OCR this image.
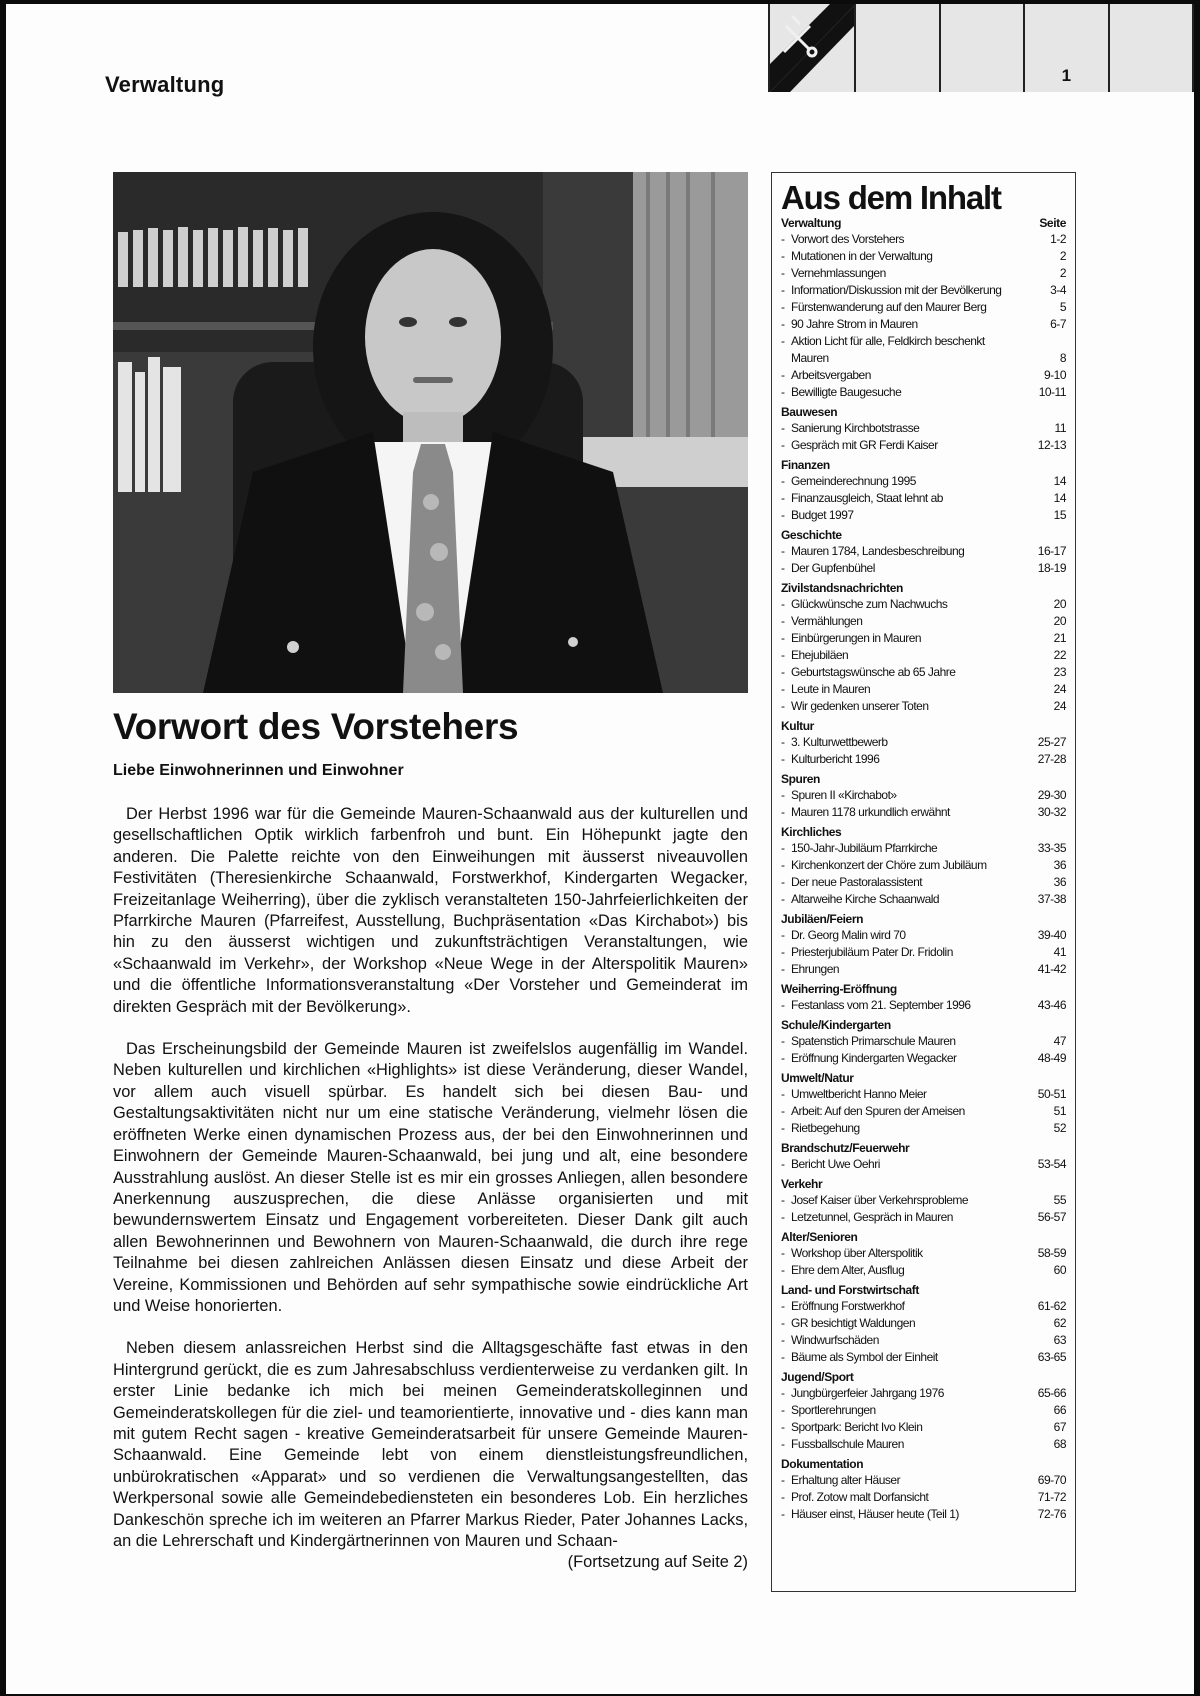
Verwaltung	1
Vorwort des Vorstehers
Liebe Einwohnerinnen und Einwohner

Der Herbst 1996 war für die Gemeinde Mauren-Schaanwald aus der kulturellen und gesellschaftlichen Optik wirklich farbenfroh und bunt. Ein Höhepunkt jagte den anderen. Die Palette reichte von den Einweihungen mit äusserst niveauvollen Festivitäten (Theresienkirche Schaanwald, Forstwerkhof, Kindergarten Wegacker, Freizeitanlage Weiherring), über die zyklisch veranstalteten 150-Jahrfeierlichkeiten der Pfarrkirche Mauren (Pfarreifest, Ausstellung, Buchpräsentation «Das Kirchabot») bis hin zu den äusserst wichtigen und zukunftsträchtigen Veranstaltungen, wie «Schaanwald im Verkehr», der Workshop «Neue Wege in der Alterspolitik Mauren» und die öffentliche Informationsveranstaltung «Der Vorsteher und Gemeinderat im direkten Gespräch mit der Bevölkerung».

Das Erscheinungsbild der Gemeinde Mauren ist zweifelslos augenfällig im Wandel. Neben kulturellen und kirchlichen «Highlights» ist diese Veränderung, dieser Wandel, vor allem auch visuell spürbar. Es handelt sich bei diesen Bau- und Gestaltungsaktivitäten nicht nur um eine statische Veränderung, vielmehr lösen die eröffneten Werke einen dynamischen Prozess aus, der bei den Einwohnerinnen und Einwohnern der Gemeinde Mauren-Schaanwald, bei jung und alt, eine besondere Ausstrahlung auslöst. An dieser Stelle ist es mir ein grosses Anliegen, allen besondere Anerkennung auszusprechen, die diese Anlässe organisierten und mit bewundernswertem Einsatz und Engagement vorbereiteten. Dieser Dank gilt auch allen Bewohnerinnen und Bewohnern von Mauren-Schaanwald, die durch ihre rege Teilnahme bei diesen zahlreichen Anlässen diesen Einsatz und diese Arbeit der Vereine, Kommissionen und Behörden auf sehr sympathische sowie eindrückliche Art und Weise honorierten.

Neben diesem anlassreichen Herbst sind die Alltagsgeschäfte fast etwas in den Hintergrund gerückt, die es zum Jahresabschluss verdienterweise zu verdanken gilt. In erster Linie bedanke ich mich bei meinen Gemeinderatskolleginnen und Gemeinderatskollegen für die ziel- und teamorientierte, innovative und - dies kann man mit gutem Recht sagen - kreative Gemeinderatsarbeit für unsere Gemeinde Mauren-Schaanwald. Eine Gemeinde lebt von einem dienstleistungsfreundlichen, unbürokratischen «Apparat» und so verdienen die Verwaltungsangestellten, das Werkpersonal sowie alle Gemeindebediensteten ein besonderes Lob. Ein herzliches Dankeschön spreche ich im weiteren an Pfarrer Markus Rieder, Pater Johannes Lacks, an die Lehrerschaft und Kindergärtnerinnen von Mauren und Schaan-

(Fortsetzung auf Seite 2)

Aus dem Inhalt
Verwaltung	Seite
- Vorwort des Vorstehers	1-2
- Mutationen in der Verwaltung	2
- Vernehmlassungen	2
- Information/Diskussion mit der Bevölkerung	3-4
- Fürstenwanderung auf den Maurer Berg	5
- 90 Jahre Strom in Mauren	6-7
- Aktion Licht für alle, Feldkirch beschenkt Mauren	8
- Arbeitsvergaben	9-10
- Bewilligte Baugesuche	10-11
Bauwesen
- Sanierung Kirchbotstrasse	11
- Gespräch mit GR Ferdi Kaiser	12-13
Finanzen
- Gemeinderechnung 1995	14
- Finanzausgleich, Staat lehnt ab	14
- Budget 1997	15
Geschichte
- Mauren 1784, Landesbeschreibung	16-17
- Der Gupfenbühel	18-19
Zivilstandsnachrichten
- Glückwünsche zum Nachwuchs	20
- Vermählungen	20
- Einbürgerungen in Mauren	21
- Ehejubiläen	22
- Geburtstagswünsche ab 65 Jahre	23
- Leute in Mauren	24
- Wir gedenken unserer Toten	24
Kultur
- 3. Kulturwettbewerb	25-27
- Kulturbericht 1996	27-28
Spuren
- Spuren II «Kirchabot»	29-30
- Mauren 1178 urkundlich erwähnt	30-32
Kirchliches
- 150-Jahr-Jubiläum Pfarrkirche	33-35
- Kirchenkonzert der Chöre zum Jubiläum	36
- Der neue Pastoralassistent	36
- Altarweihe Kirche Schaanwald	37-38
Jubiläen/Feiern
- Dr. Georg Malin wird 70	39-40
- Priesterjubiläum Pater Dr. Fridolin	41
- Ehrungen	41-42
Weiherring-Eröffnung
- Festanlass vom 21. September 1996	43-46
Schule/Kindergarten
- Spatenstich Primarschule Mauren	47
- Eröffnung Kindergarten Wegacker	48-49
Umwelt/Natur
- Umweltbericht Hanno Meier	50-51
- Arbeit: Auf den Spuren der Ameisen	51
- Rietbegehung	52
Brandschutz/Feuerwehr
- Bericht Uwe Oehri	53-54
Verkehr
- Josef Kaiser über Verkehrsprobleme	55
- Letzetunnel, Gespräch in Mauren	56-57
Alter/Senioren
- Workshop über Alterspolitik	58-59
- Ehre dem Alter, Ausflug	60
Land- und Forstwirtschaft
- Eröffnung Forstwerkhof	61-62
- GR besichtigt Waldungen	62
- Windwurfschäden	63
- Bäume als Symbol der Einheit	63-65
Jugend/Sport
- Jungbürgerfeier Jahrgang 1976	65-66
- Sportlerehrungen	66
- Sportpark: Bericht Ivo Klein	67
- Fussballschule Mauren	68
Dokumentation
- Erhaltung alter Häuser	69-70
- Prof. Zotow malt Dorfansicht	71-72
- Häuser einst, Häuser heute (Teil 1)	72-76
